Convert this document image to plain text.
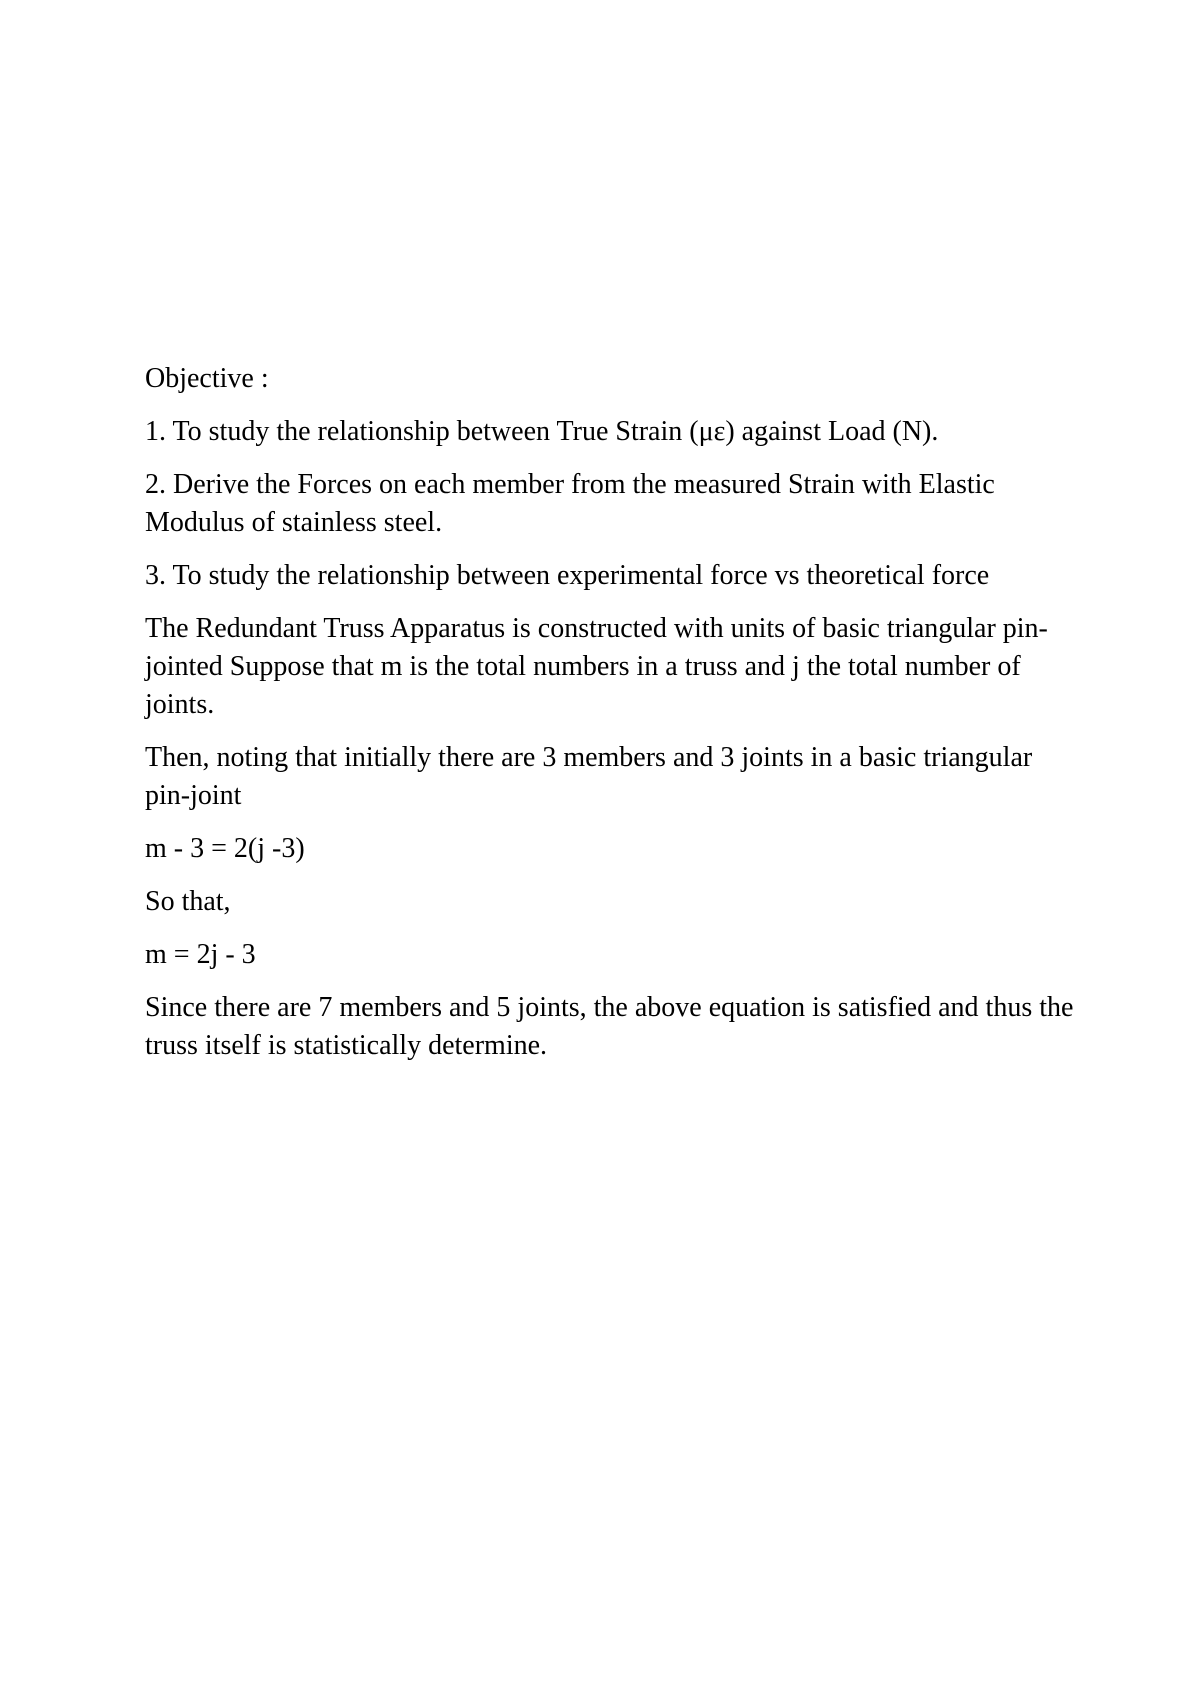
Objective :

1. To study the relationship between True Strain (με) against Load (N).

2. Derive the Forces on each member from the measured Strain with Elastic Modulus of stainless steel.

3. To study the relationship between experimental force vs theoretical force

The Redundant Truss Apparatus is constructed with units of basic triangular pin-jointed Suppose that m is the total numbers in a truss and j the total number of joints.

Then, noting that initially there are 3 members and 3 joints in a basic triangular pin-joint

m - 3 = 2(j -3)

So that,

m = 2j - 3

Since there are 7 members and 5 joints, the above equation is satisfied and thus the truss itself is statistically determine.
